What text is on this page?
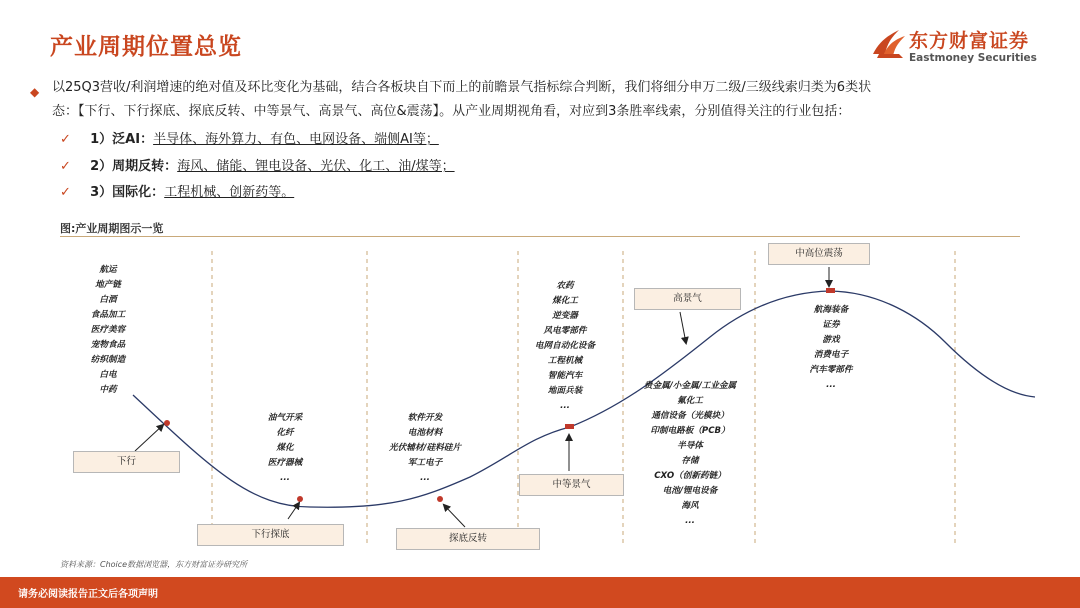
产业周期位置总览	东方财富证券
Eastmoney Securities
◆ 以25Q3营收/利润增速的绝对值及环比变化为基础，结合各板块自下而上的前瞻景气指标综合判断，我们将细分申万二级/三级线索归类为6类状
态：【下行、下行探底、探底反转、中等景气、高景气、高位&震荡】。从产业周期视角看，对应到3条胜率线索，分别值得关注的行业包括：
✓ 1）泛AI：半导体、海外算力、有色、电网设备、端侧AI等；
✓ 2）周期反转：海风、储能、锂电设备、光伏、化工、油/煤等；
✓ 3）国际化：工程机械、创新药等。
图:产业周期图示一览
航运
地产链
白酒
食品加工
医疗美容
宠物食品
纺织制造
白电
中药
油气开采
化纤
煤化
医疗器械
...
软件开发
电池材料
光伏辅材/硅料硅片
军工电子
...
农药
煤化工
逆变器
风电零部件
电网自动化设备
工程机械
智能汽车
地面兵装
...
贵金属/小金属/工业金属
氟化工
通信设备（光模块）
印制电路板（PCB）
半导体
存储
CXO（创新药链）
电池/锂电设备
海风
...
航海装备
证券
游戏
消费电子
汽车零部件
...
下行
下行探底	探底反转
中等景气
高景气
中高位震荡
资料来源：Choice数据浏览器，东方财富证券研究所
请务必阅读报告正文后各项声明
